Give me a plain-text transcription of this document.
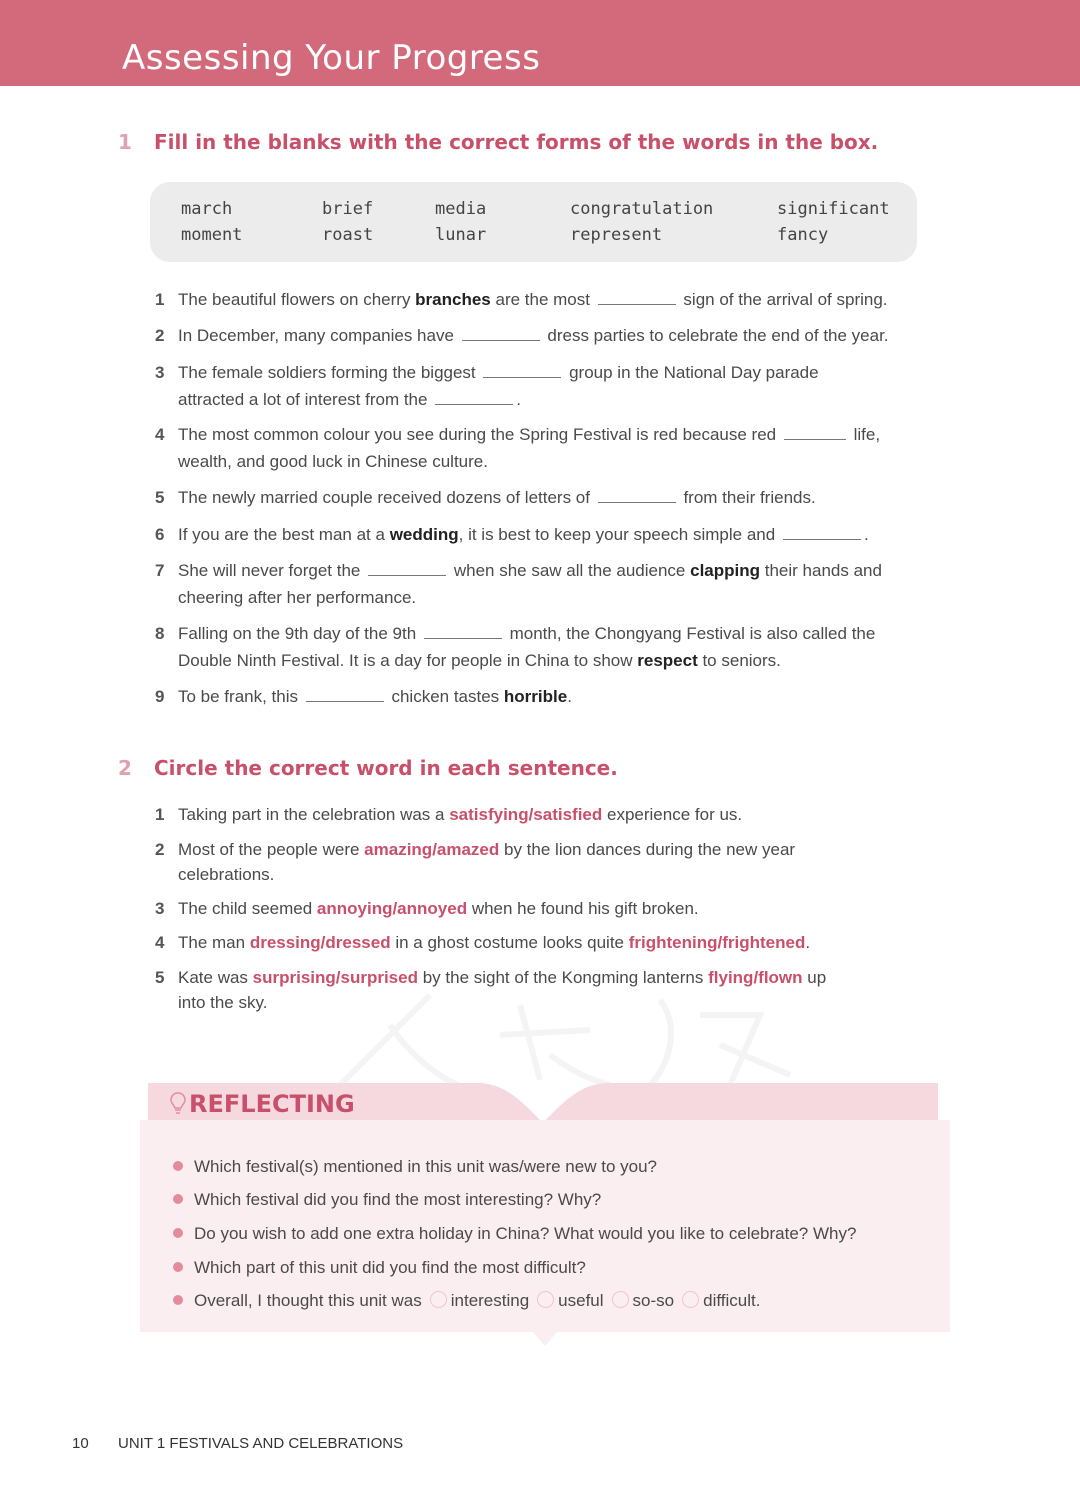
Assessing Your Progress
1 Fill in the blanks with the correct forms of the words in the box.
march	brief	media	congratulation	significant
moment	roast	lunar	represent	fancy
1 The beautiful flowers on cherry branches are the most	sign of the arrival of spring.
2 In December, many companies have	dress parties to celebrate the end of the year.
3 The female soldiers forming the biggest	group in the National Day parade
attracted a lot of interest from the	.
4 The most common colour you see during the Spring Festival is red because red	life,
wealth, and good luck in Chinese culture.
5 The newly married couple received dozens of letters of	from their friends.
6 If you are the best man at a wedding, it is best to keep your speech simple and	.
7 She will never forget the	when she saw all the audience clapping their hands and
cheering after her performance.
8 Falling on the 9th day of the 9th	month, the Chongyang Festival is also called the
Double Ninth Festival. It is a day for people in China to show respect to seniors.
9 To be frank, this	chicken tastes horrible.
2 Circle the correct word in each sentence.
1 Taking part in the celebration was a satisfying/satisfied experience for us.
2 Most of the people were amazing/amazed by the lion dances during the new year
celebrations.
3 The child seemed annoying/annoyed when he found his gift broken.
4 The man dressing/dressed in a ghost costume looks quite frightening/frightened.
5 Kate was surprising/surprised by the sight of the Kongming lanterns flying/flown up
into the sky.
REFLECTING
Which festival(s) mentioned in this unit was/were new to you?
Which festival did you find the most interesting? Why?
Do you wish to add one extra holiday in China? What would you like to celebrate? Why?
Which part of this unit did you find the most difficult?
Overall, I thought this unit was interesting useful so-so difficult.
10 UNIT 1 FESTIVALS AND CELEBRATIONS
